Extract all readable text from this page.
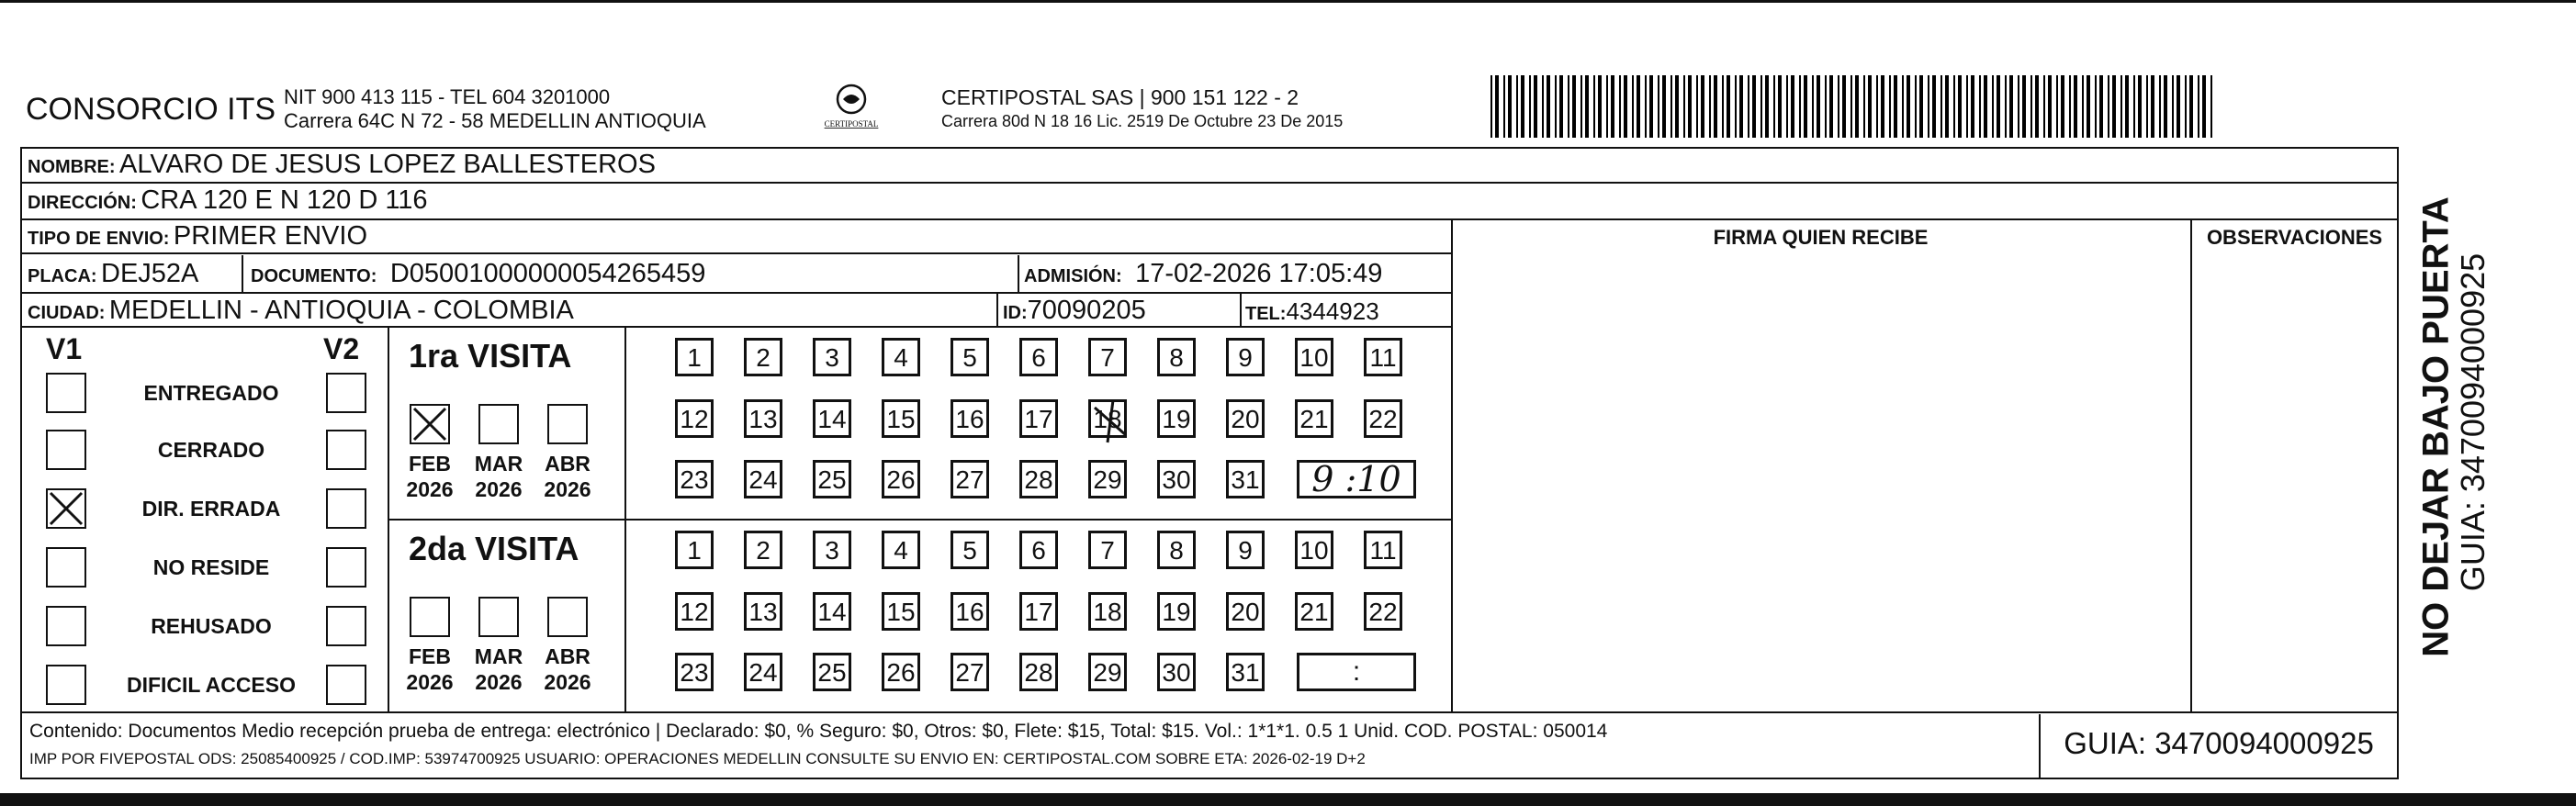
CONSORCIO ITS NIT 900 413 115 - TEL 604 3201000
Carrera 64C N 72 - 58 MEDELLIN ANTIOQUIA	CERTIPOSTAL
CERTIPOSTAL SAS | 900 151 122 - 2
Carrera 80d N 18 16 Lic. 2519 De Octubre 23 De 2015
NOMBRE: ALVARO DE JESUS LOPEZ BALLESTEROS
DIRECCIÓN: CRA 120 E N 120 D 116
TIPO DE ENVIO: PRIMER ENVIO	FIRMA QUIEN RECIBE	OBSERVACIONES
PLACA: DEJ52A	DOCUMENTO: D05001000000054265459	ADMISIÓN: 17-02-2026 17:05:49
CIUDAD: MEDELLIN - ANTIOQUIA - COLOMBIA	ID:70090205	TEL:4344923
V1	V2
ENTREGADO
CERRADO
DIR. ERRADA
NO RESIDE
REHUSADO
DIFICIL ACCESO
1ra VISITA
FEB
2026
MAR
2026
ABR
2026
1	2	3	4	5	6	7	8	9	10 11
12 13 14 15 16 17 18 19 20 21 22
23 24 25 26 27 28 29 30 31	9 :10
2da VISITA
FEB
2026
MAR
2026
ABR
2026
1	2	3	4	5	6	7	8	9	10 11
12 13 14 15 16 17 18 19 20 21 22
23 24 25 26 27 28 29 30 31	:
Contenido: Documentos Medio recepción prueba de entrega: electrónico | Declarado: $0, % Seguro: $0, Otros: $0, Flete: $15, Total: $15. Vol.: 1*1*1. 0.5 1 Unid. COD. POSTAL: 050014
IMP POR FIVEPOSTAL ODS: 25085400925 / COD.IMP: 53974700925 USUARIO: OPERACIONES MEDELLIN CONSULTE SU ENVIO EN: CERTIPOSTAL.COM SOBRE ETA: 2026-02-19 D+2	GUIA: 3470094000925
NO DEJAR BAJO PUERTA
GUIA: 3470094000925
